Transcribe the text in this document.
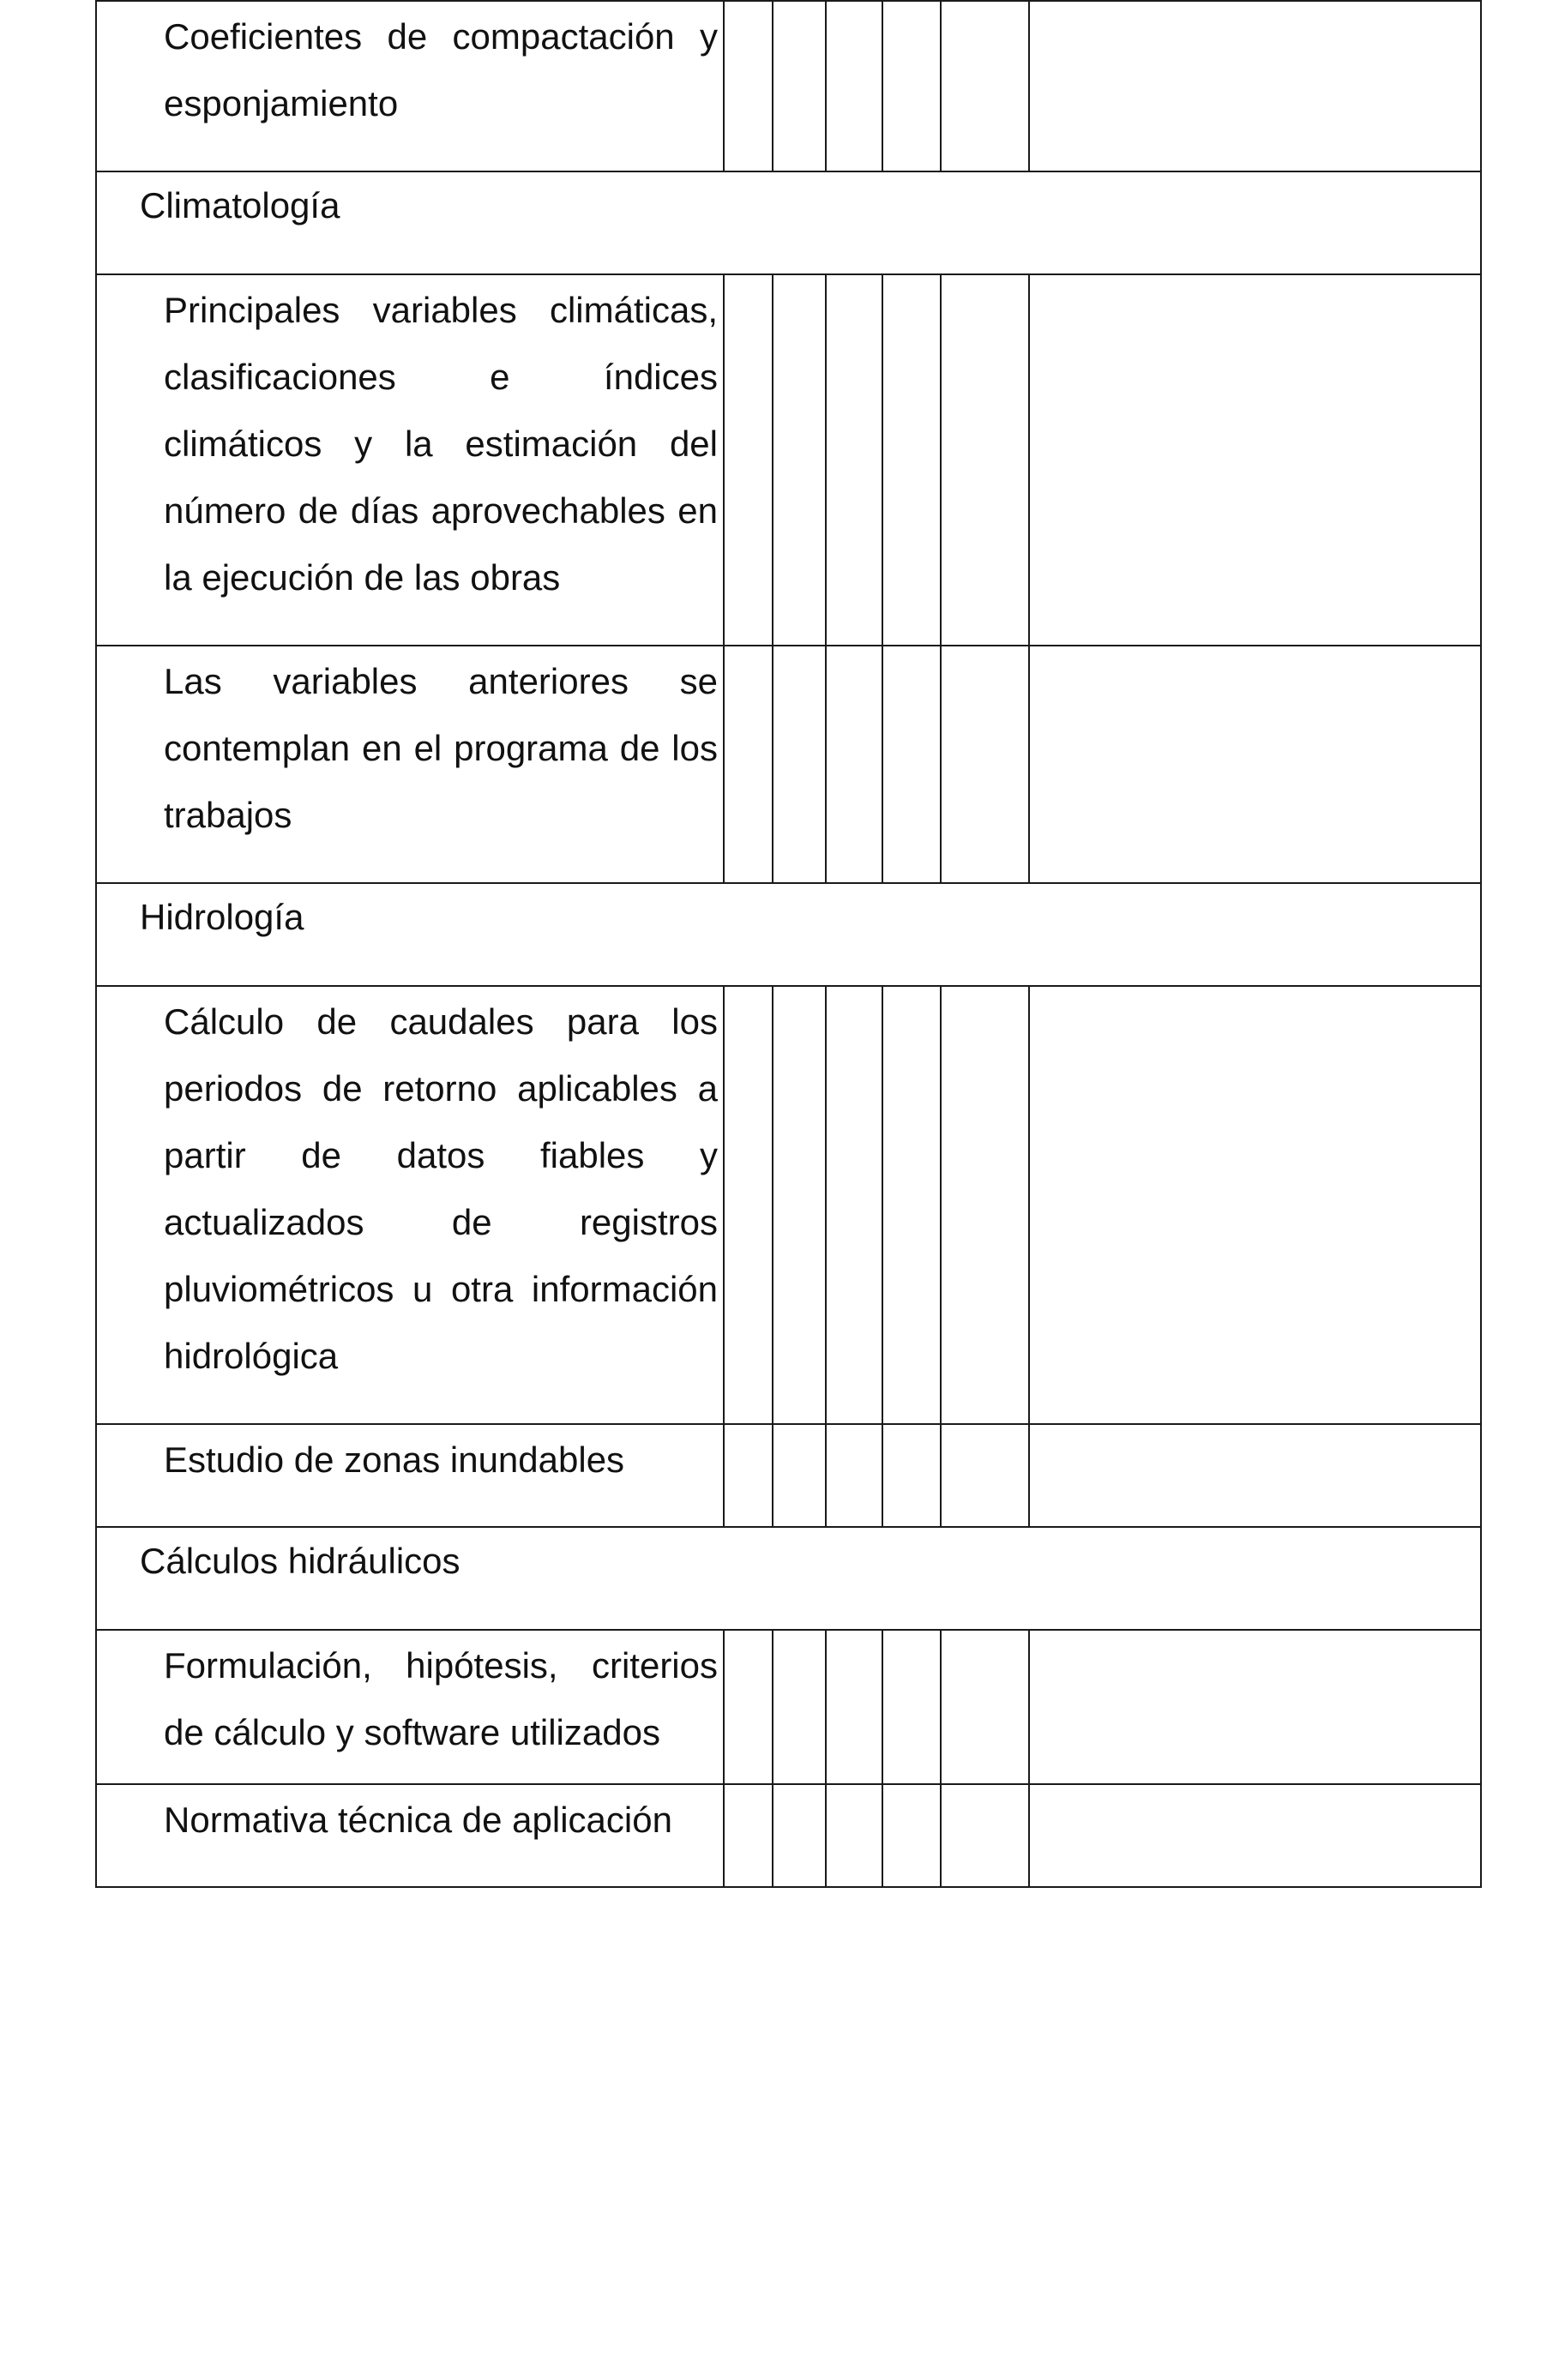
Coeficientes de compactación y esponjamiento						

Climatología						

Principales variables climáticas, clasificaciones e índices climáticos y la estimación del número de días aprovechables en la ejecución de las obras						

Las variables anteriores se contemplan en el programa de los trabajos						

Hidrología						

Cálculo de caudales para los periodos de retorno aplicables a partir de datos fiables y actualizados de registros pluviométricos u otra información hidrológica						

Estudio de zonas inundables						

Cálculos hidráulicos						

Formulación, hipótesis, criterios de cálculo y software utilizados						

Normativa técnica de aplicación						
